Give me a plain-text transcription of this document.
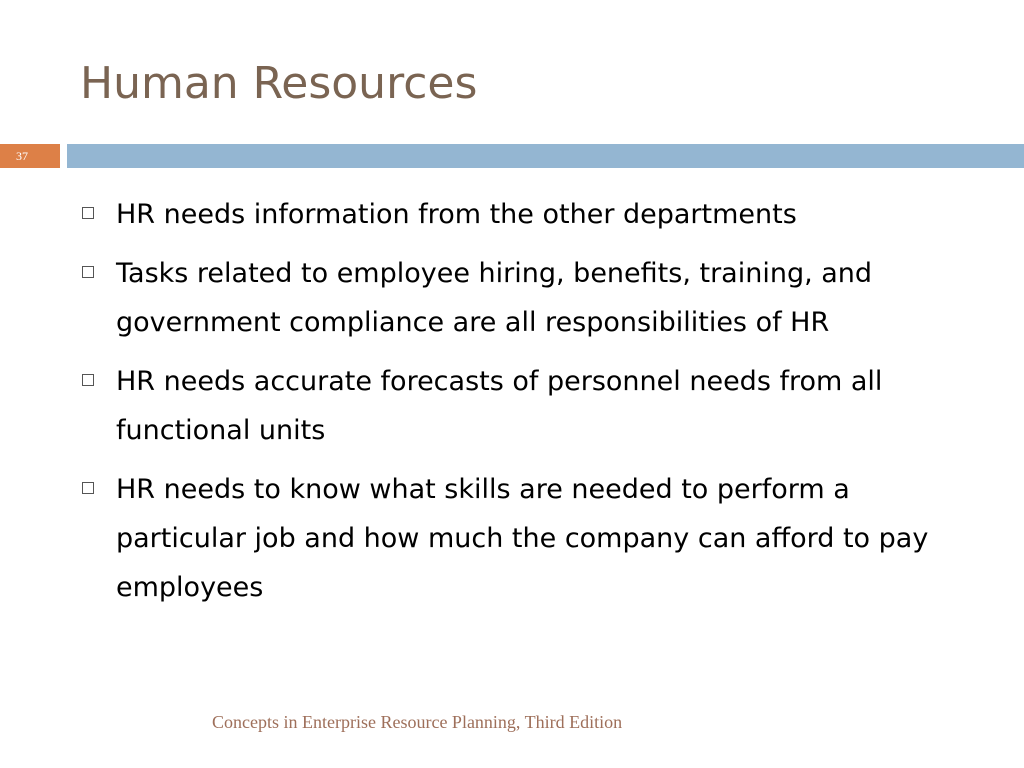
Human Resources
37
HR needs information from the other departments
Tasks related to employee hiring, benefits, training, and government compliance are all responsibilities of HR
HR needs accurate forecasts of personnel needs from all functional units
HR needs to know what skills are needed to perform a particular job and how much the company can afford to pay employees
Concepts in Enterprise Resource Planning, Third Edition
